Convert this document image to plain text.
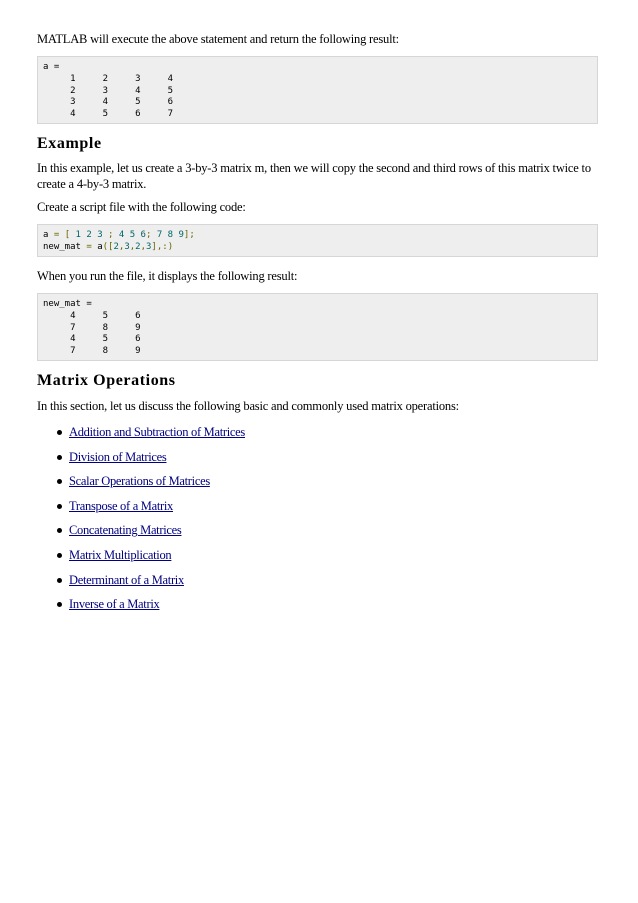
MATLAB will execute the above statement and return the following result:

a =
1     2     3     4
2     3     4     5
3     4     5     6
4     5     6     7
Example

In this example, let us create a 3-by-3 matrix m, then we will copy the second and third rows of this matrix twice to create a 4-by-3 matrix.

Create a script file with the following code:

a = [ 1 2 3 ; 4 5 6; 7 8 9];
new_mat = a([2,3,2,3],:)

When you run the file, it displays the following result:

new_mat =
4     5     6
7     8     9
4     5     6
7     8     9
Matrix Operations

In this section, let us discuss the following basic and commonly used matrix operations:

Addition and Subtraction of Matrices
Division of Matrices
Scalar Operations of Matrices
Transpose of a Matrix
Concatenating Matrices
Matrix Multiplication
Determinant of a Matrix
Inverse of a Matrix
